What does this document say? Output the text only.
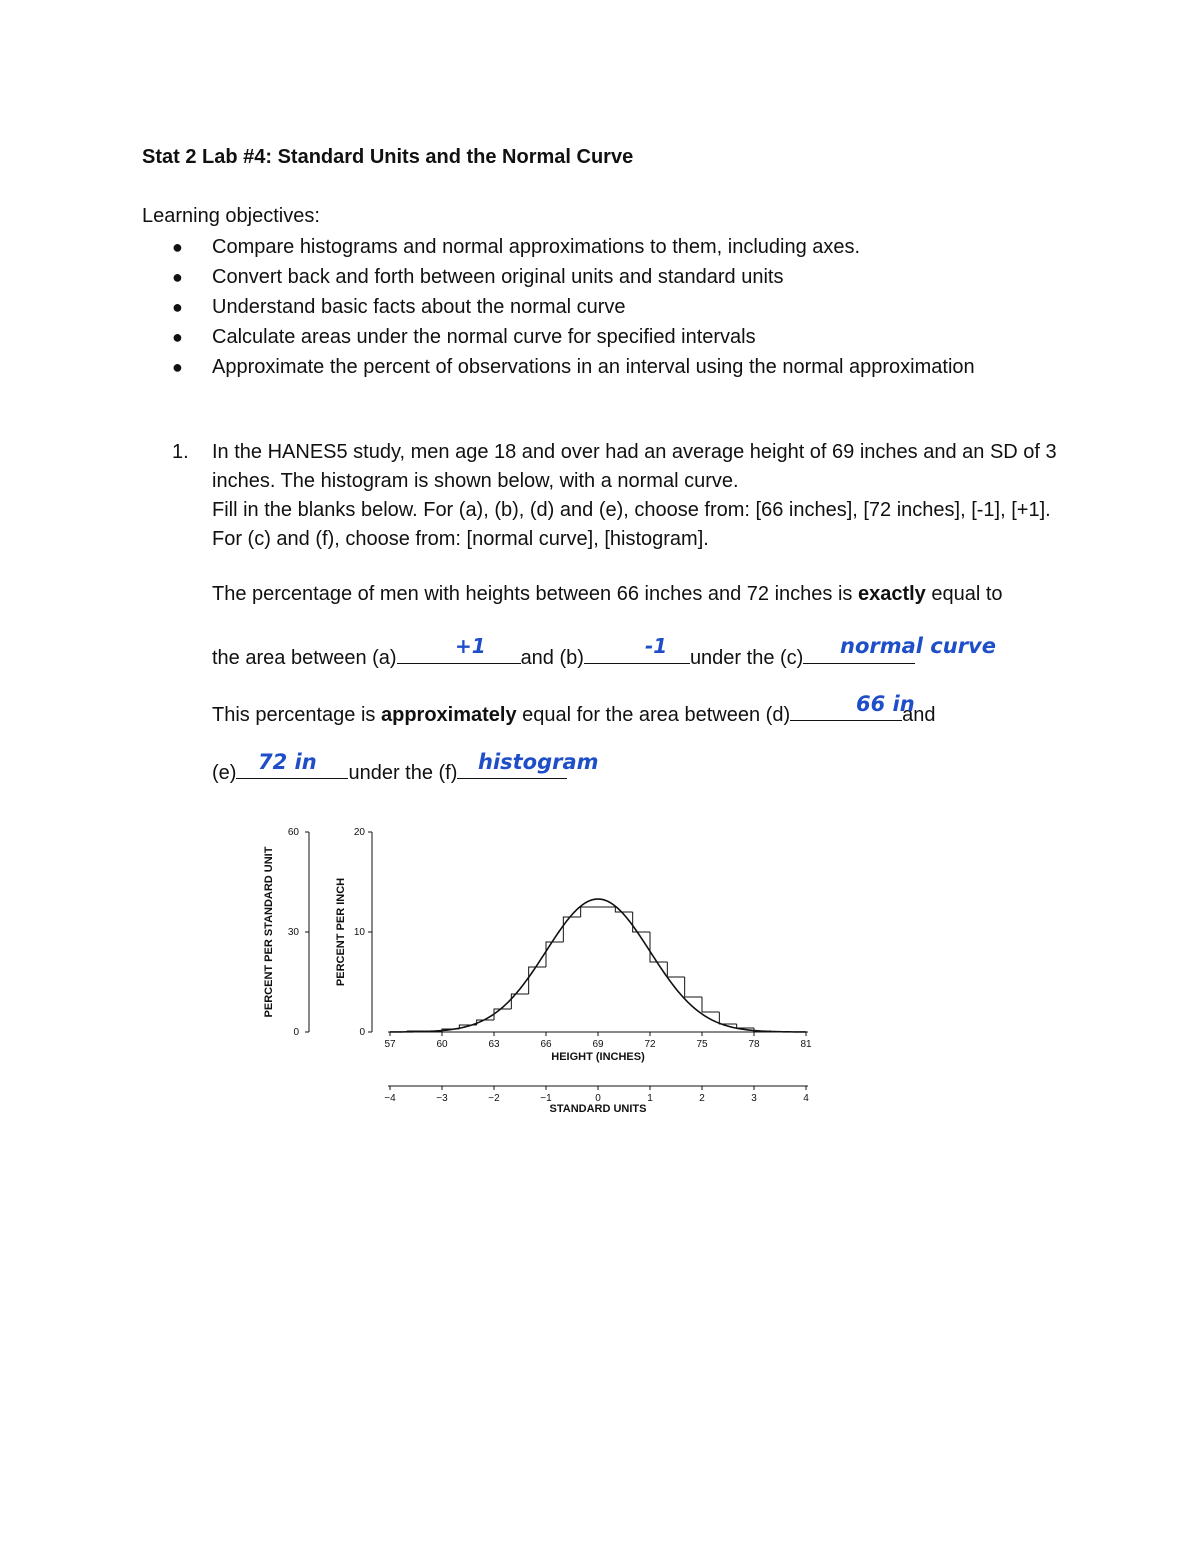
Stat 2 Lab #4: Standard Units and the Normal Curve
Learning objectives:
● Compare histograms and normal approximations to them, including axes.
● Convert back and forth between original units and standard units
● Understand basic facts about the normal curve
● Calculate areas under the normal curve for specified intervals
● Approximate the percent of observations in an interval using the normal approximation
1. In the HANES5 study, men age 18 and over had an average height of 69 inches and an SD of 3 inches. The histogram is shown below, with a normal curve.
Fill in the blanks below. For (a), (b), (d) and (e), choose from: [66 inches], [72 inches], [-1], [+1]. For (c) and (f), choose from: [normal curve], [histogram].
The percentage of men with heights between 66 inches and 72 inches is exactly equal to
the area between (a)	and (b)	under the (c)
+1	-1	normal curve
This percentage is approximately equal for the area between (d)	and
66 in
(e)	under the (f)
72 in	histogram
60
30
0
PERCENT PER STANDARD UNIT
20
10
0
PERCENT PER INCH
HEIGHT (INCHES)
STANDARD UNITS
57	60	63	66	69	72	75	78	81
−4	−3	−2	−1	0	1	2	3	4
